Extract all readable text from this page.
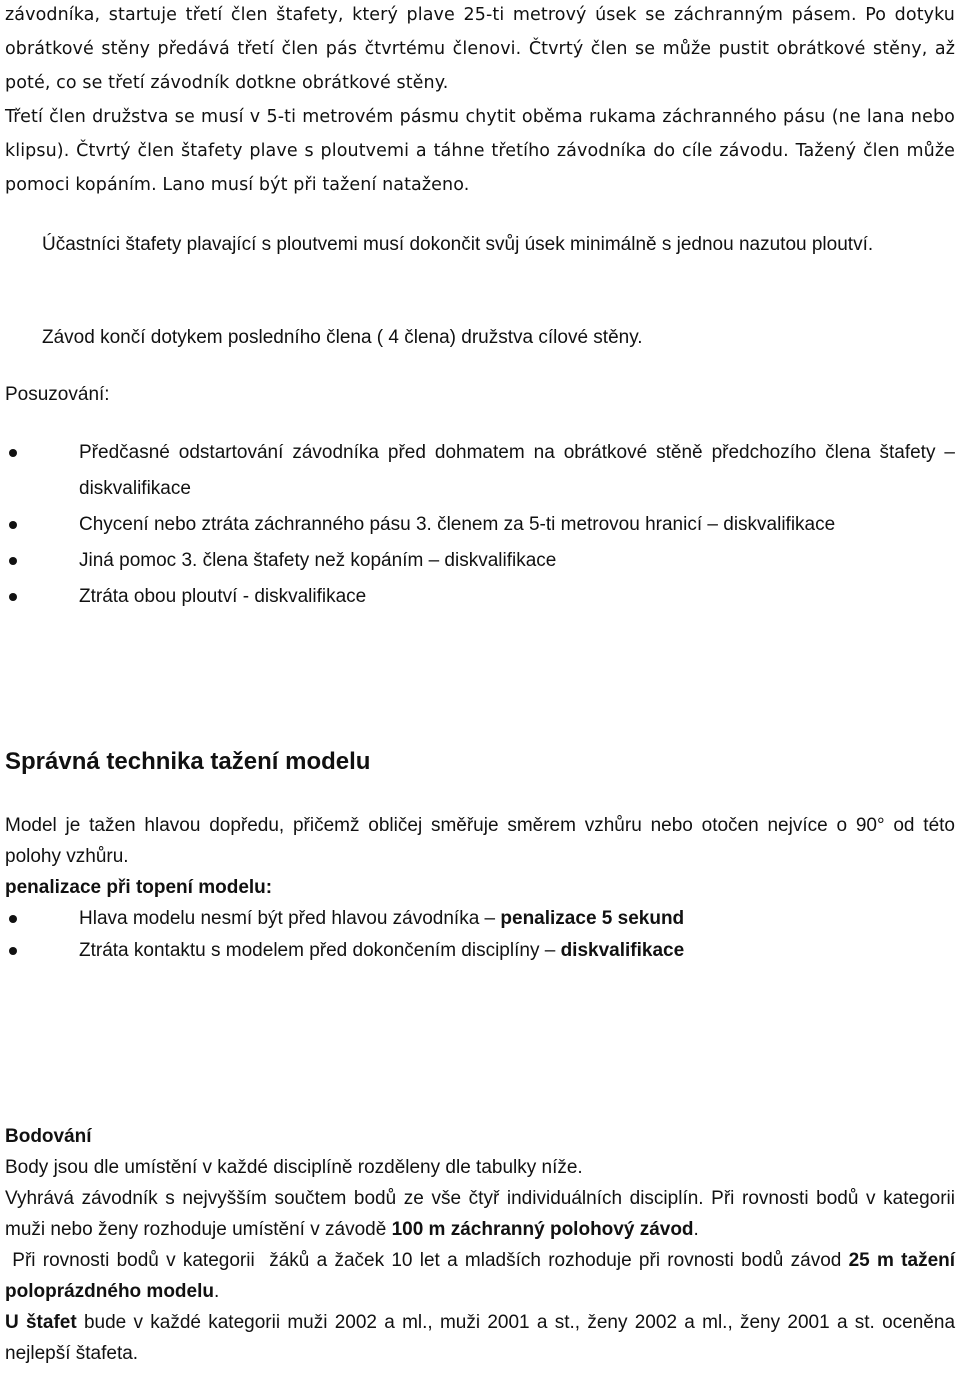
závodníka, startuje třetí člen štafety, který plave 25-ti metrový úsek se záchranným pásem. Po dotyku obrátkové stěny předává třetí člen pás čtvrtému členovi. Čtvrtý člen se může pustit obrátkové stěny, až poté, co se třetí závodník dotkne obrátkové stěny.

Třetí člen družstva se musí v 5-ti metrovém pásmu chytit oběma rukama záchranného pásu (ne lana nebo klipsu). Čtvrtý člen štafety plave s ploutvemi a táhne třetího závodníka do cíle závodu. Tažený člen může pomoci kopáním. Lano musí být při tažení nataženo.

Účastníci štafety plavající s ploutvemi musí dokončit svůj úsek minimálně s jednou nazutou ploutví.

Závod končí dotykem posledního člena ( 4 člena) družstva cílové stěny.

Posuzování:

Předčasné odstartování závodníka před dohmatem na obrátkové stěně předchozího člena štafety – diskvalifikace
Chycení nebo ztráta záchranného pásu 3. členem za 5-ti metrovou hranicí – diskvalifikace
Jiná pomoc 3. člena štafety než kopáním – diskvalifikace
Ztráta obou ploutví - diskvalifikace

Správná technika tažení modelu

Model je tažen hlavou dopředu, přičemž obličej směřuje směrem vzhůru nebo otočen nejvíce o 90° od této polohy vzhůru.

penalizace při topení modelu:

Hlava modelu nesmí být před hlavou závodníka – penalizace 5 sekund
Ztráta kontaktu s modelem před dokončením disciplíny – diskvalifikace

Bodování

Body jsou dle umístění v každé disciplíně rozděleny dle tabulky níže.

Vyhrává závodník s nejvyšším součtem bodů ze vše čtyř individuálních disciplín. Při rovnosti bodů v kategorii muži nebo ženy rozhoduje umístění v závodě 100 m záchranný polohový závod.

Při rovnosti bodů v kategorii  žáků a žaček 10 let a mladších rozhoduje při rovnosti bodů závod 25 m tažení poloprázdného modelu.

U štafet bude v každé kategorii muži 2002 a ml., muži 2001 a st., ženy 2002 a ml., ženy 2001 a st. oceněna nejlepší štafeta.
